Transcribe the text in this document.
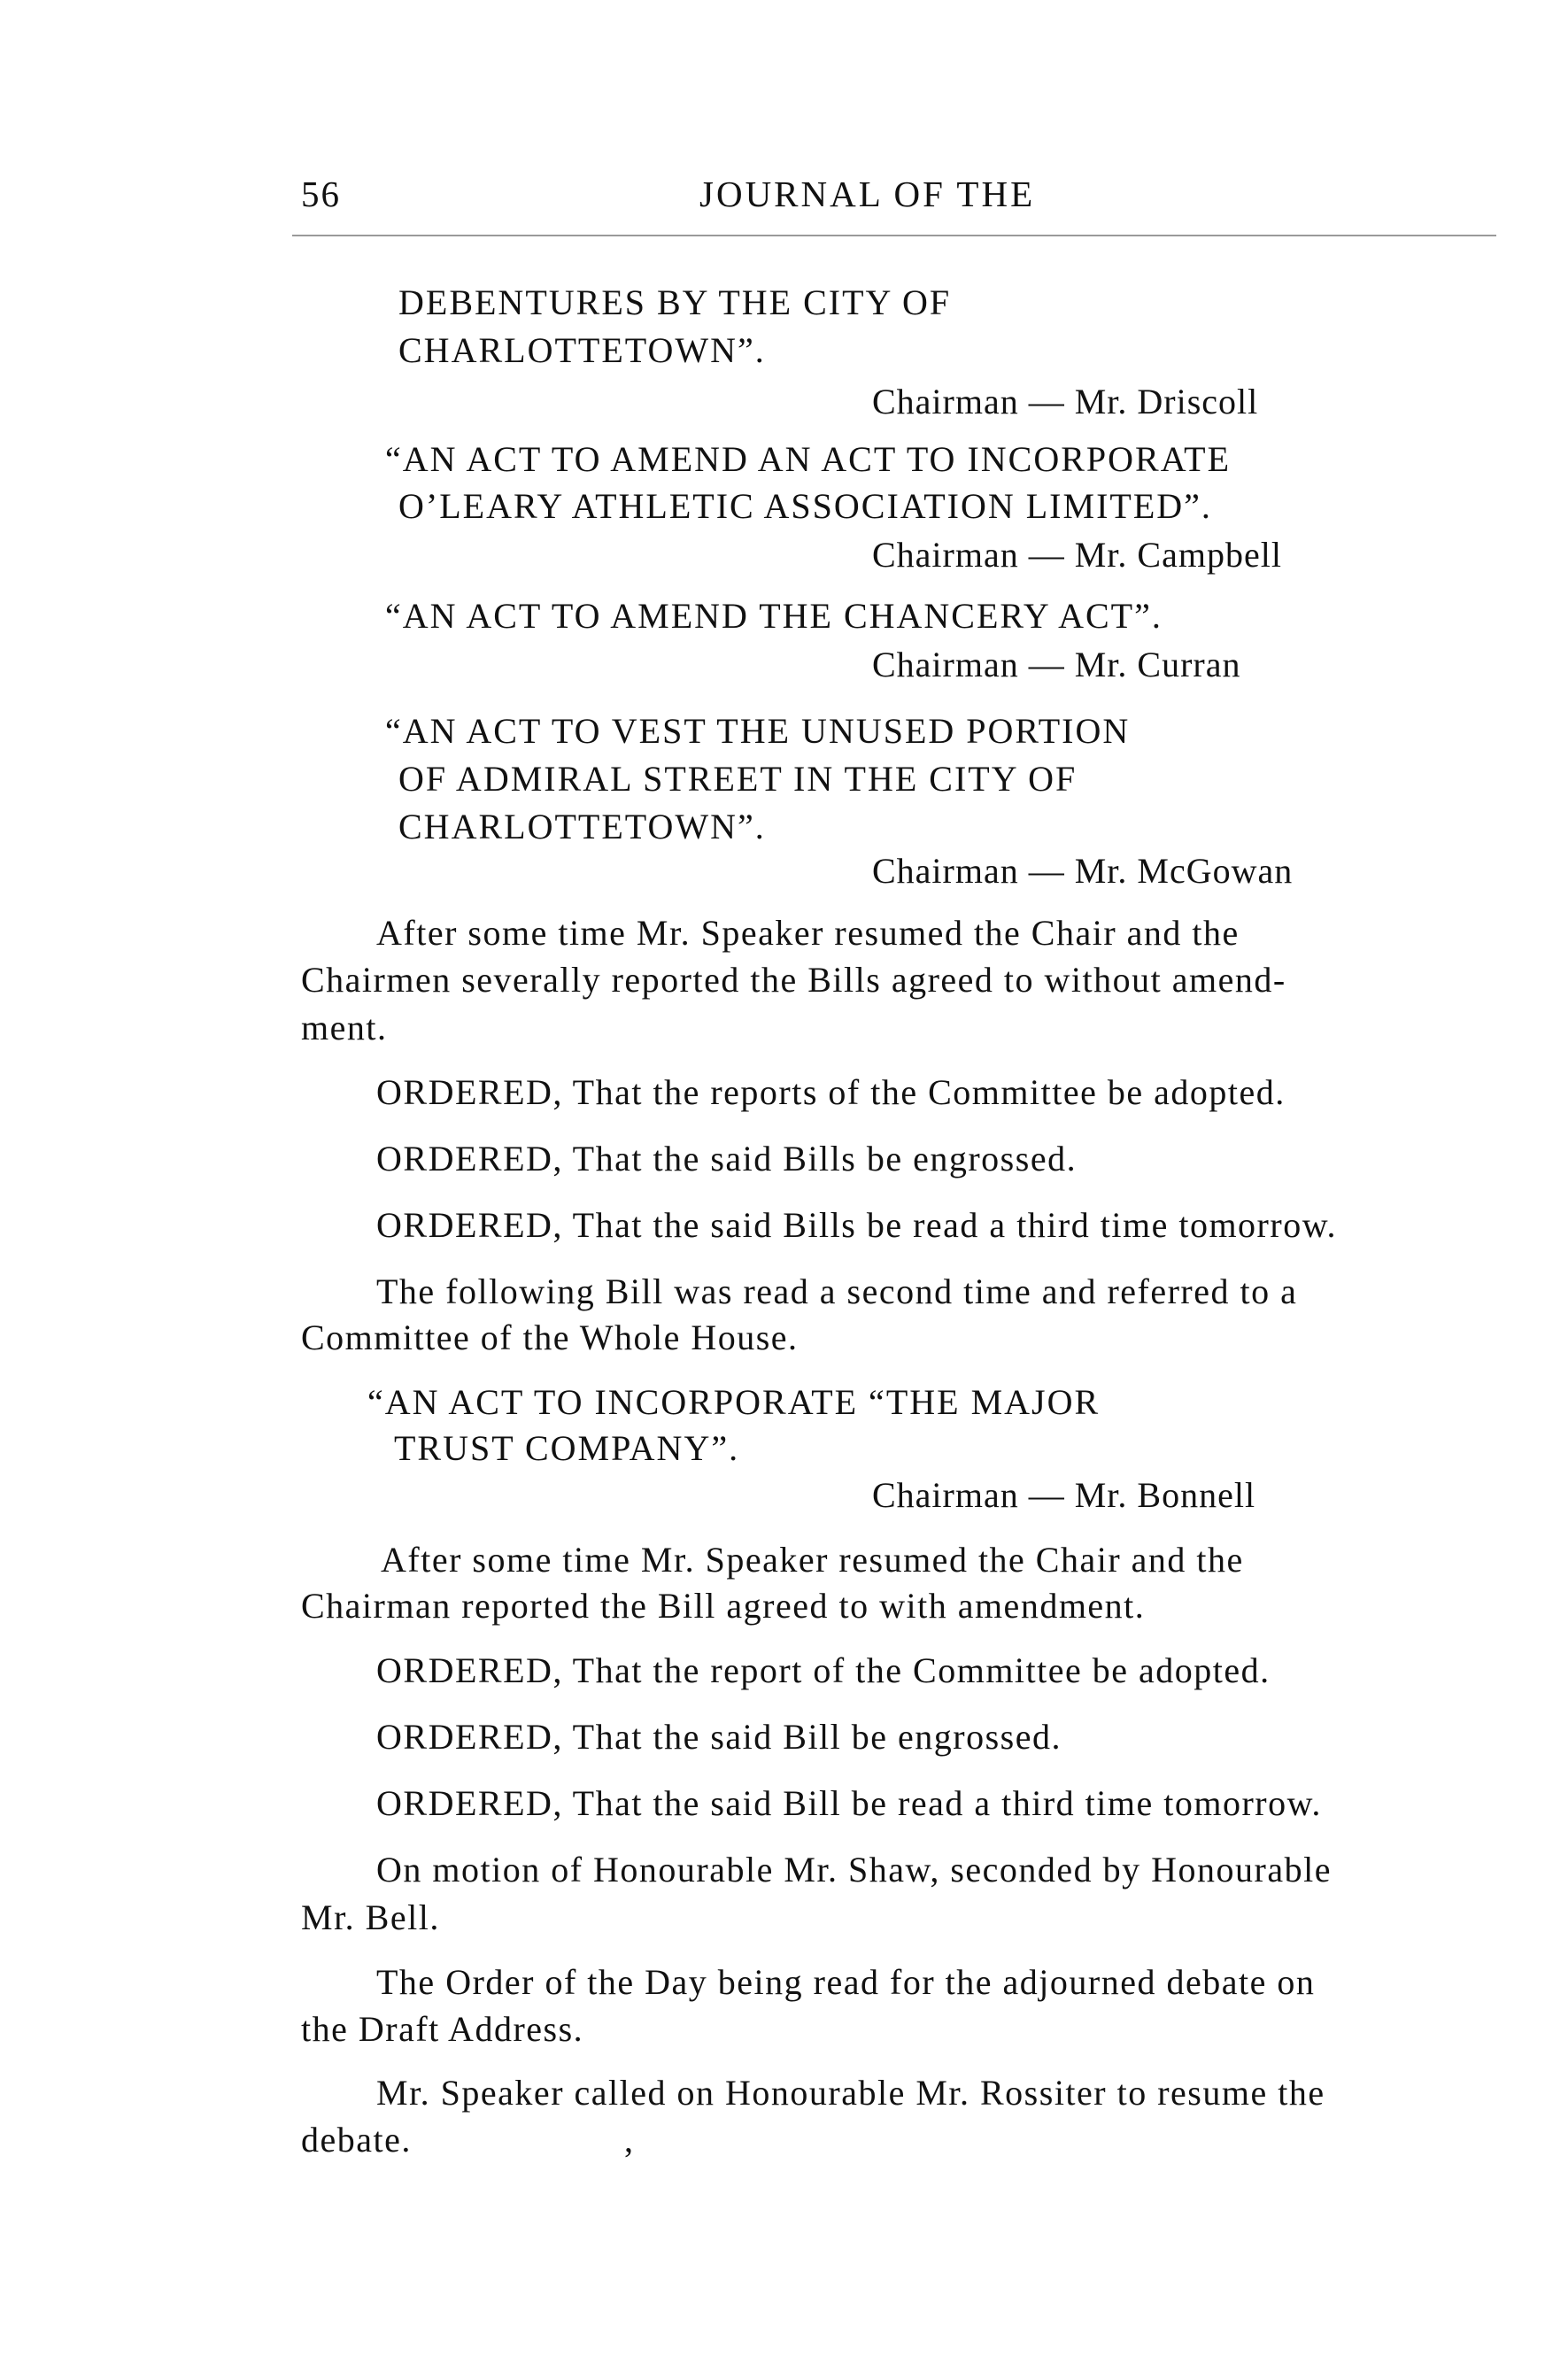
56	JOURNAL OF THE
DEBENTURES BY THE CITY OF
CHARLOTTETOWN”.
Chairman — Mr. Driscoll
“AN ACT TO AMEND AN ACT TO INCORPORATE
O’LEARY ATHLETIC ASSOCIATION LIMITED”.
Chairman — Mr. Campbell
“AN ACT TO AMEND THE CHANCERY ACT”.
Chairman — Mr. Curran
“AN ACT TO VEST THE UNUSED PORTION
OF ADMIRAL STREET IN THE CITY OF
CHARLOTTETOWN”.
Chairman — Mr. McGowan
After some time Mr. Speaker resumed the Chair and the
Chairmen severally reported the Bills agreed to without amend-
ment.
ORDERED, That the reports of the Committee be adopted.
ORDERED, That the said Bills be engrossed.
ORDERED, That the said Bills be read a third time tomorrow.
The following Bill was read a second time and referred to a
Committee of the Whole House.
“AN ACT TO INCORPORATE “THE MAJOR
TRUST COMPANY”.
Chairman — Mr. Bonnell
After some time Mr. Speaker resumed the Chair and the
Chairman reported the Bill agreed to with amendment.
ORDERED, That the report of the Committee be adopted.
ORDERED, That the said Bill be engrossed.
ORDERED, That the said Bill be read a third time tomorrow.
On motion of Honourable Mr. Shaw, seconded by Honourable
Mr. Bell.
The Order of the Day being read for the adjourned debate on
the Draft Address.
Mr. Speaker called on Honourable Mr. Rossiter to resume the
debate.	,
